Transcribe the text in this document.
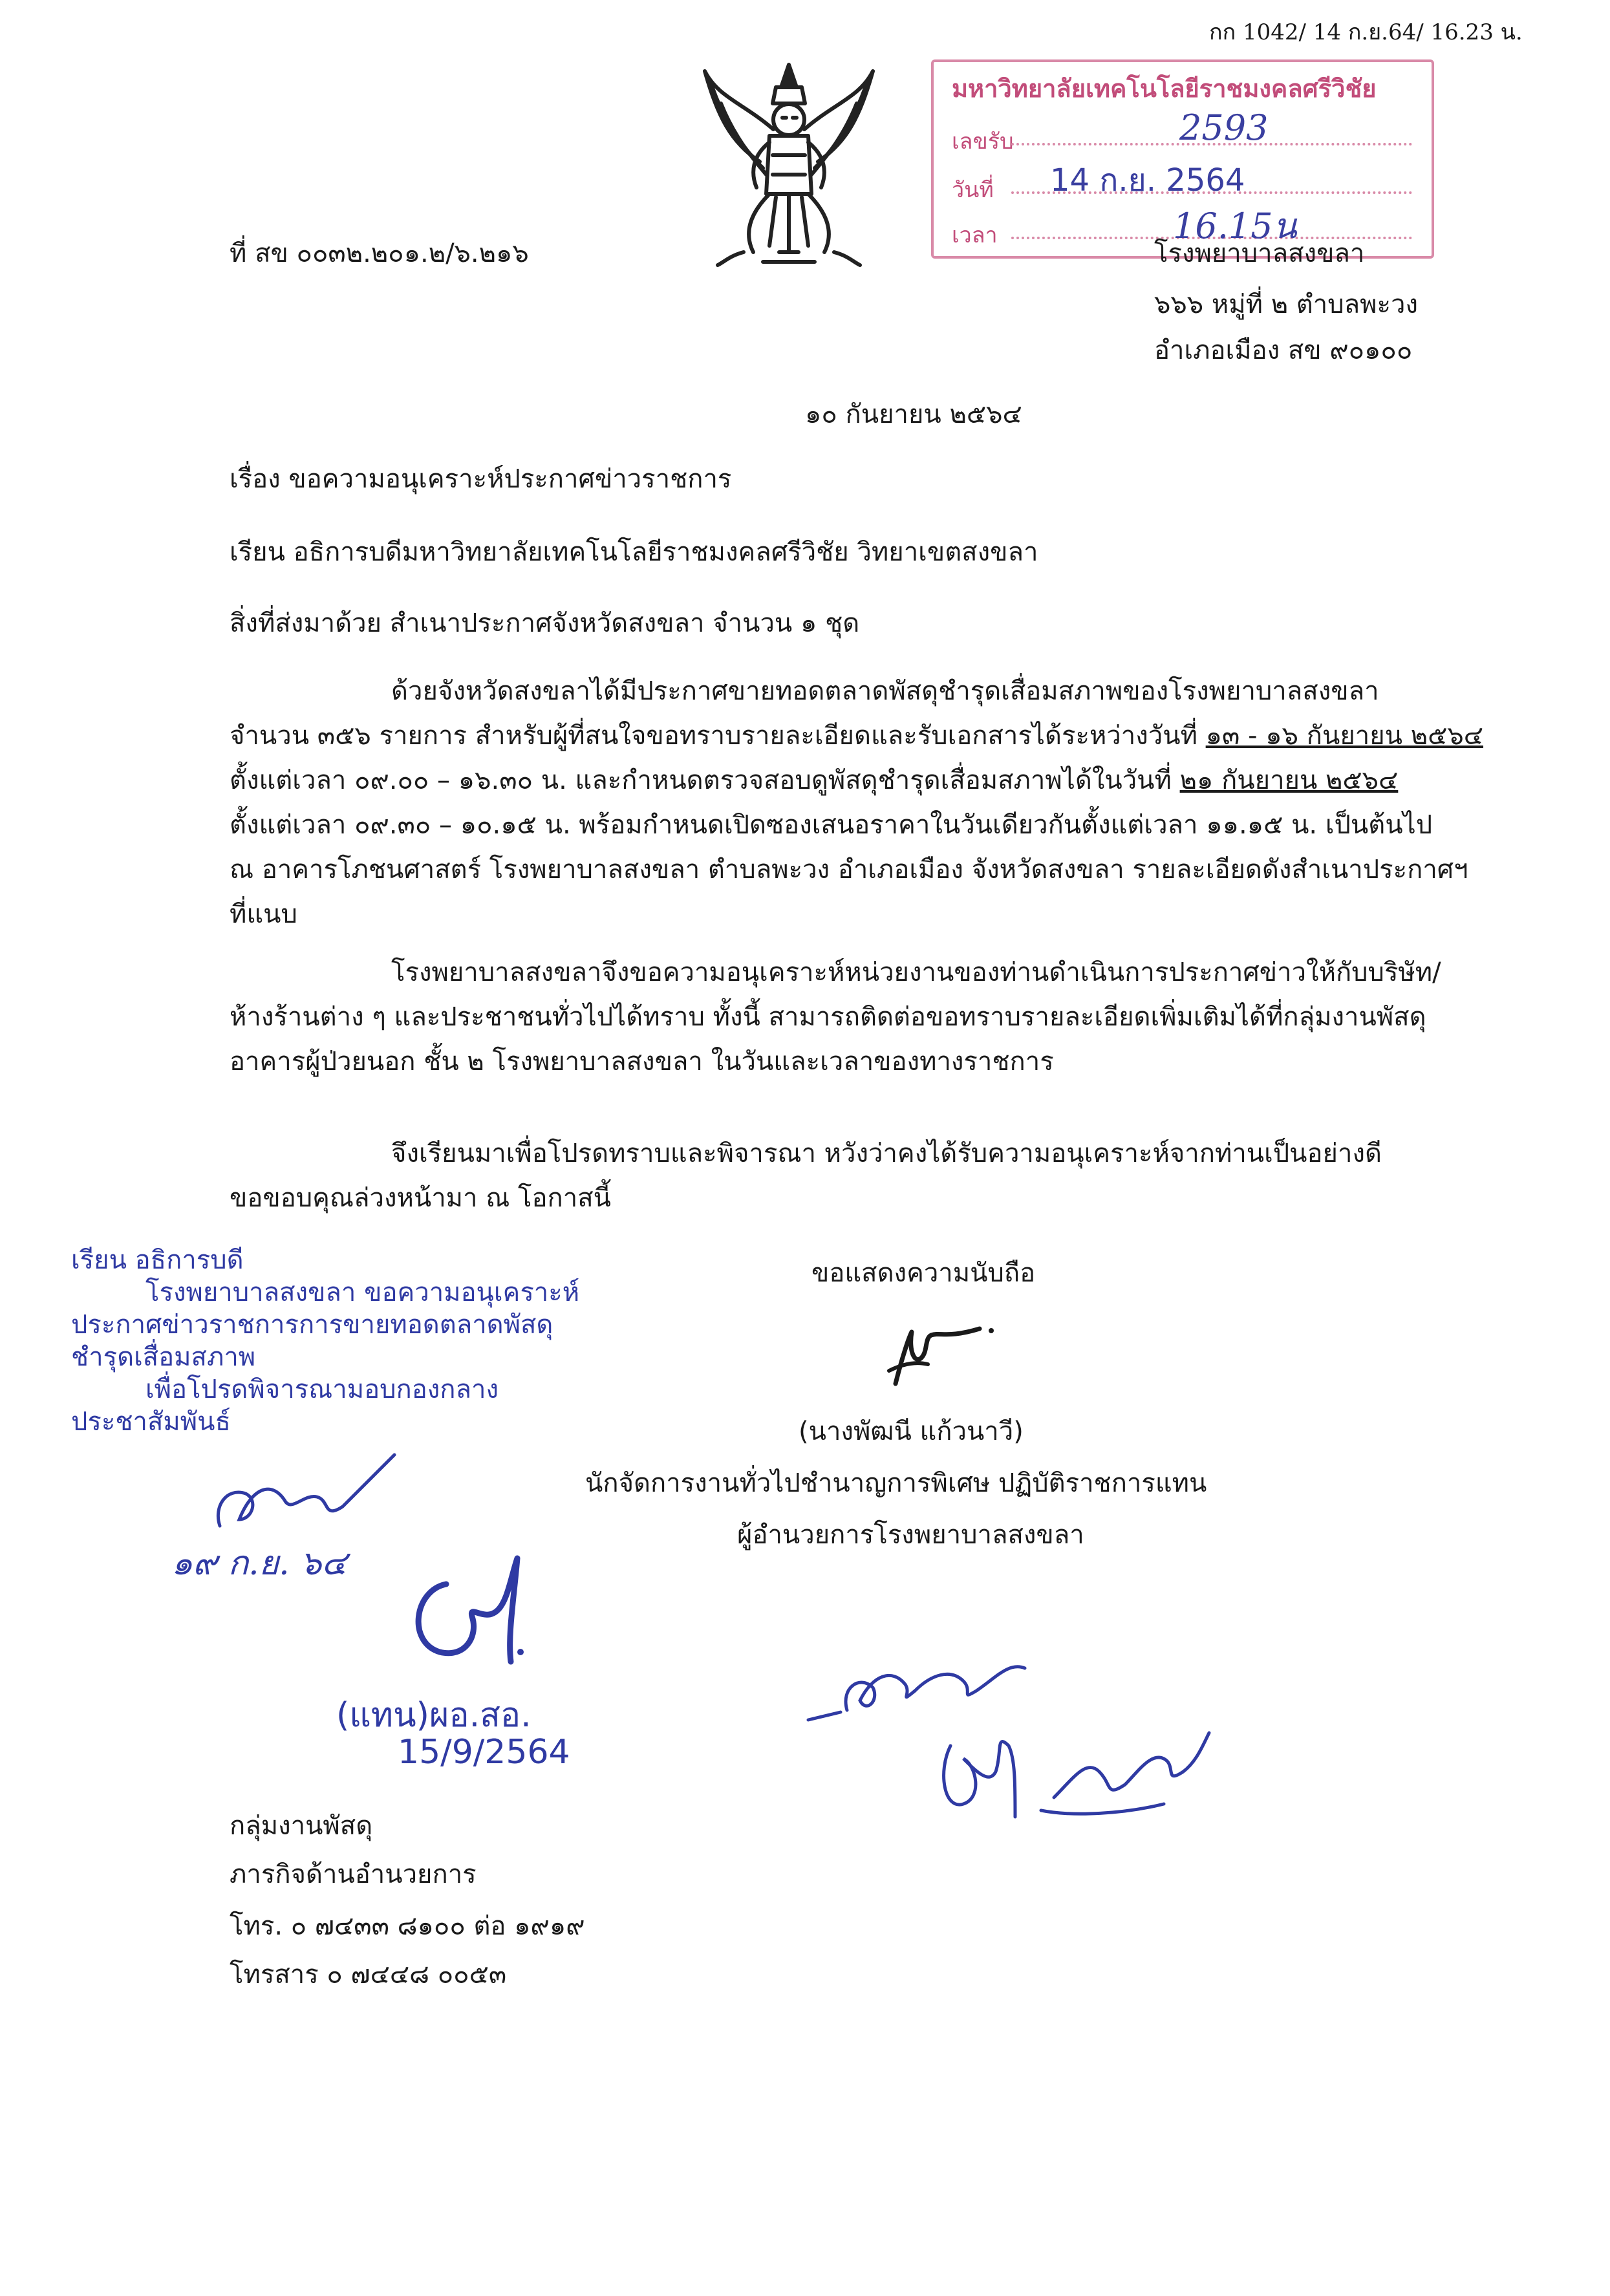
กก 1042/ 14 ก.ย.64/ 16.23 น.
มหาวิทยาลัยเทคโนโลยีราชมงคลศรีวิชัย
เลขรับ	2593
วันที่ 14 ก.ย. 2564
เวลา	16.15น
ที่ สข ๐๐๓๒.๒๐๑.๒/๖.๒๑๖	โรงพยาบาลสงขลา
๖๖๖ หมู่ที่ ๒ ตำบลพะวง
อำเภอเมือง สข ๙๐๑๐๐
๑๐ กันยายน ๒๕๖๔
เรื่อง ขอความอนุเคราะห์ประกาศข่าวราชการ
เรียน อธิการบดีมหาวิทยาลัยเทคโนโลยีราชมงคลศรีวิชัย วิทยาเขตสงขลา
สิ่งที่ส่งมาด้วย สำเนาประกาศจังหวัดสงขลา จำนวน ๑ ชุด
ด้วยจังหวัดสงขลาได้มีประกาศขายทอดตลาดพัสดุชำรุดเสื่อมสภาพของโรงพยาบาลสงขลา
จำนวน ๓๕๖ รายการ สำหรับผู้ที่สนใจขอทราบรายละเอียดและรับเอกสารได้ระหว่างวันที่ ๑๓ - ๑๖ กันยายน ๒๕๖๔
ตั้งแต่เวลา ๐๙.๐๐ – ๑๖.๓๐ น. และกำหนดตรวจสอบดูพัสดุชำรุดเสื่อมสภาพได้ในวันที่ ๒๑ กันยายน ๒๕๖๔
ตั้งแต่เวลา ๐๙.๓๐ – ๑๐.๑๕ น. พร้อมกำหนดเปิดซองเสนอราคาในวันเดียวกันตั้งแต่เวลา ๑๑.๑๕ น. เป็นต้นไป
ณ อาคารโภชนศาสตร์ โรงพยาบาลสงขลา ตำบลพะวง อำเภอเมือง จังหวัดสงขลา รายละเอียดดังสำเนาประกาศฯ
ที่แนบ
โรงพยาบาลสงขลาจึงขอความอนุเคราะห์หน่วยงานของท่านดำเนินการประกาศข่าวให้กับบริษัท/
ห้างร้านต่าง ๆ และประชาชนทั่วไปได้ทราบ ทั้งนี้ สามารถติดต่อขอทราบรายละเอียดเพิ่มเติมได้ที่กลุ่มงานพัสดุ
อาคารผู้ป่วยนอก ชั้น ๒ โรงพยาบาลสงขลา ในวันและเวลาของทางราชการ
จึงเรียนมาเพื่อโปรดทราบและพิจารณา หวังว่าคงได้รับความอนุเคราะห์จากท่านเป็นอย่างดี
ขอขอบคุณล่วงหน้ามา ณ โอกาสนี้
ขอแสดงความนับถือ
(นางพัฒนี แก้วนาวี)
นักจัดการงานทั่วไปชำนาญการพิเศษ ปฏิบัติราชการแทน
ผู้อำนวยการโรงพยาบาลสงขลา
เรียน อธิการบดี
โรงพยาบาลสงขลา ขอความอนุเคราะห์
ประกาศข่าวราชการการขายทอดตลาดพัสดุ
ชำรุดเสื่อมสภาพ
เพื่อโปรดพิจารณามอบกองกลาง
ประชาสัมพันธ์
๑๙ ก.ย. ๖๔
(แทน)ผอ.สอ.
15/9/2564
กลุ่มงานพัสดุ
ภารกิจด้านอำนวยการ
โทร. ๐ ๗๔๓๓ ๘๑๐๐ ต่อ ๑๙๑๙
โทรสาร ๐ ๗๔๔๘ ๐๐๕๓
